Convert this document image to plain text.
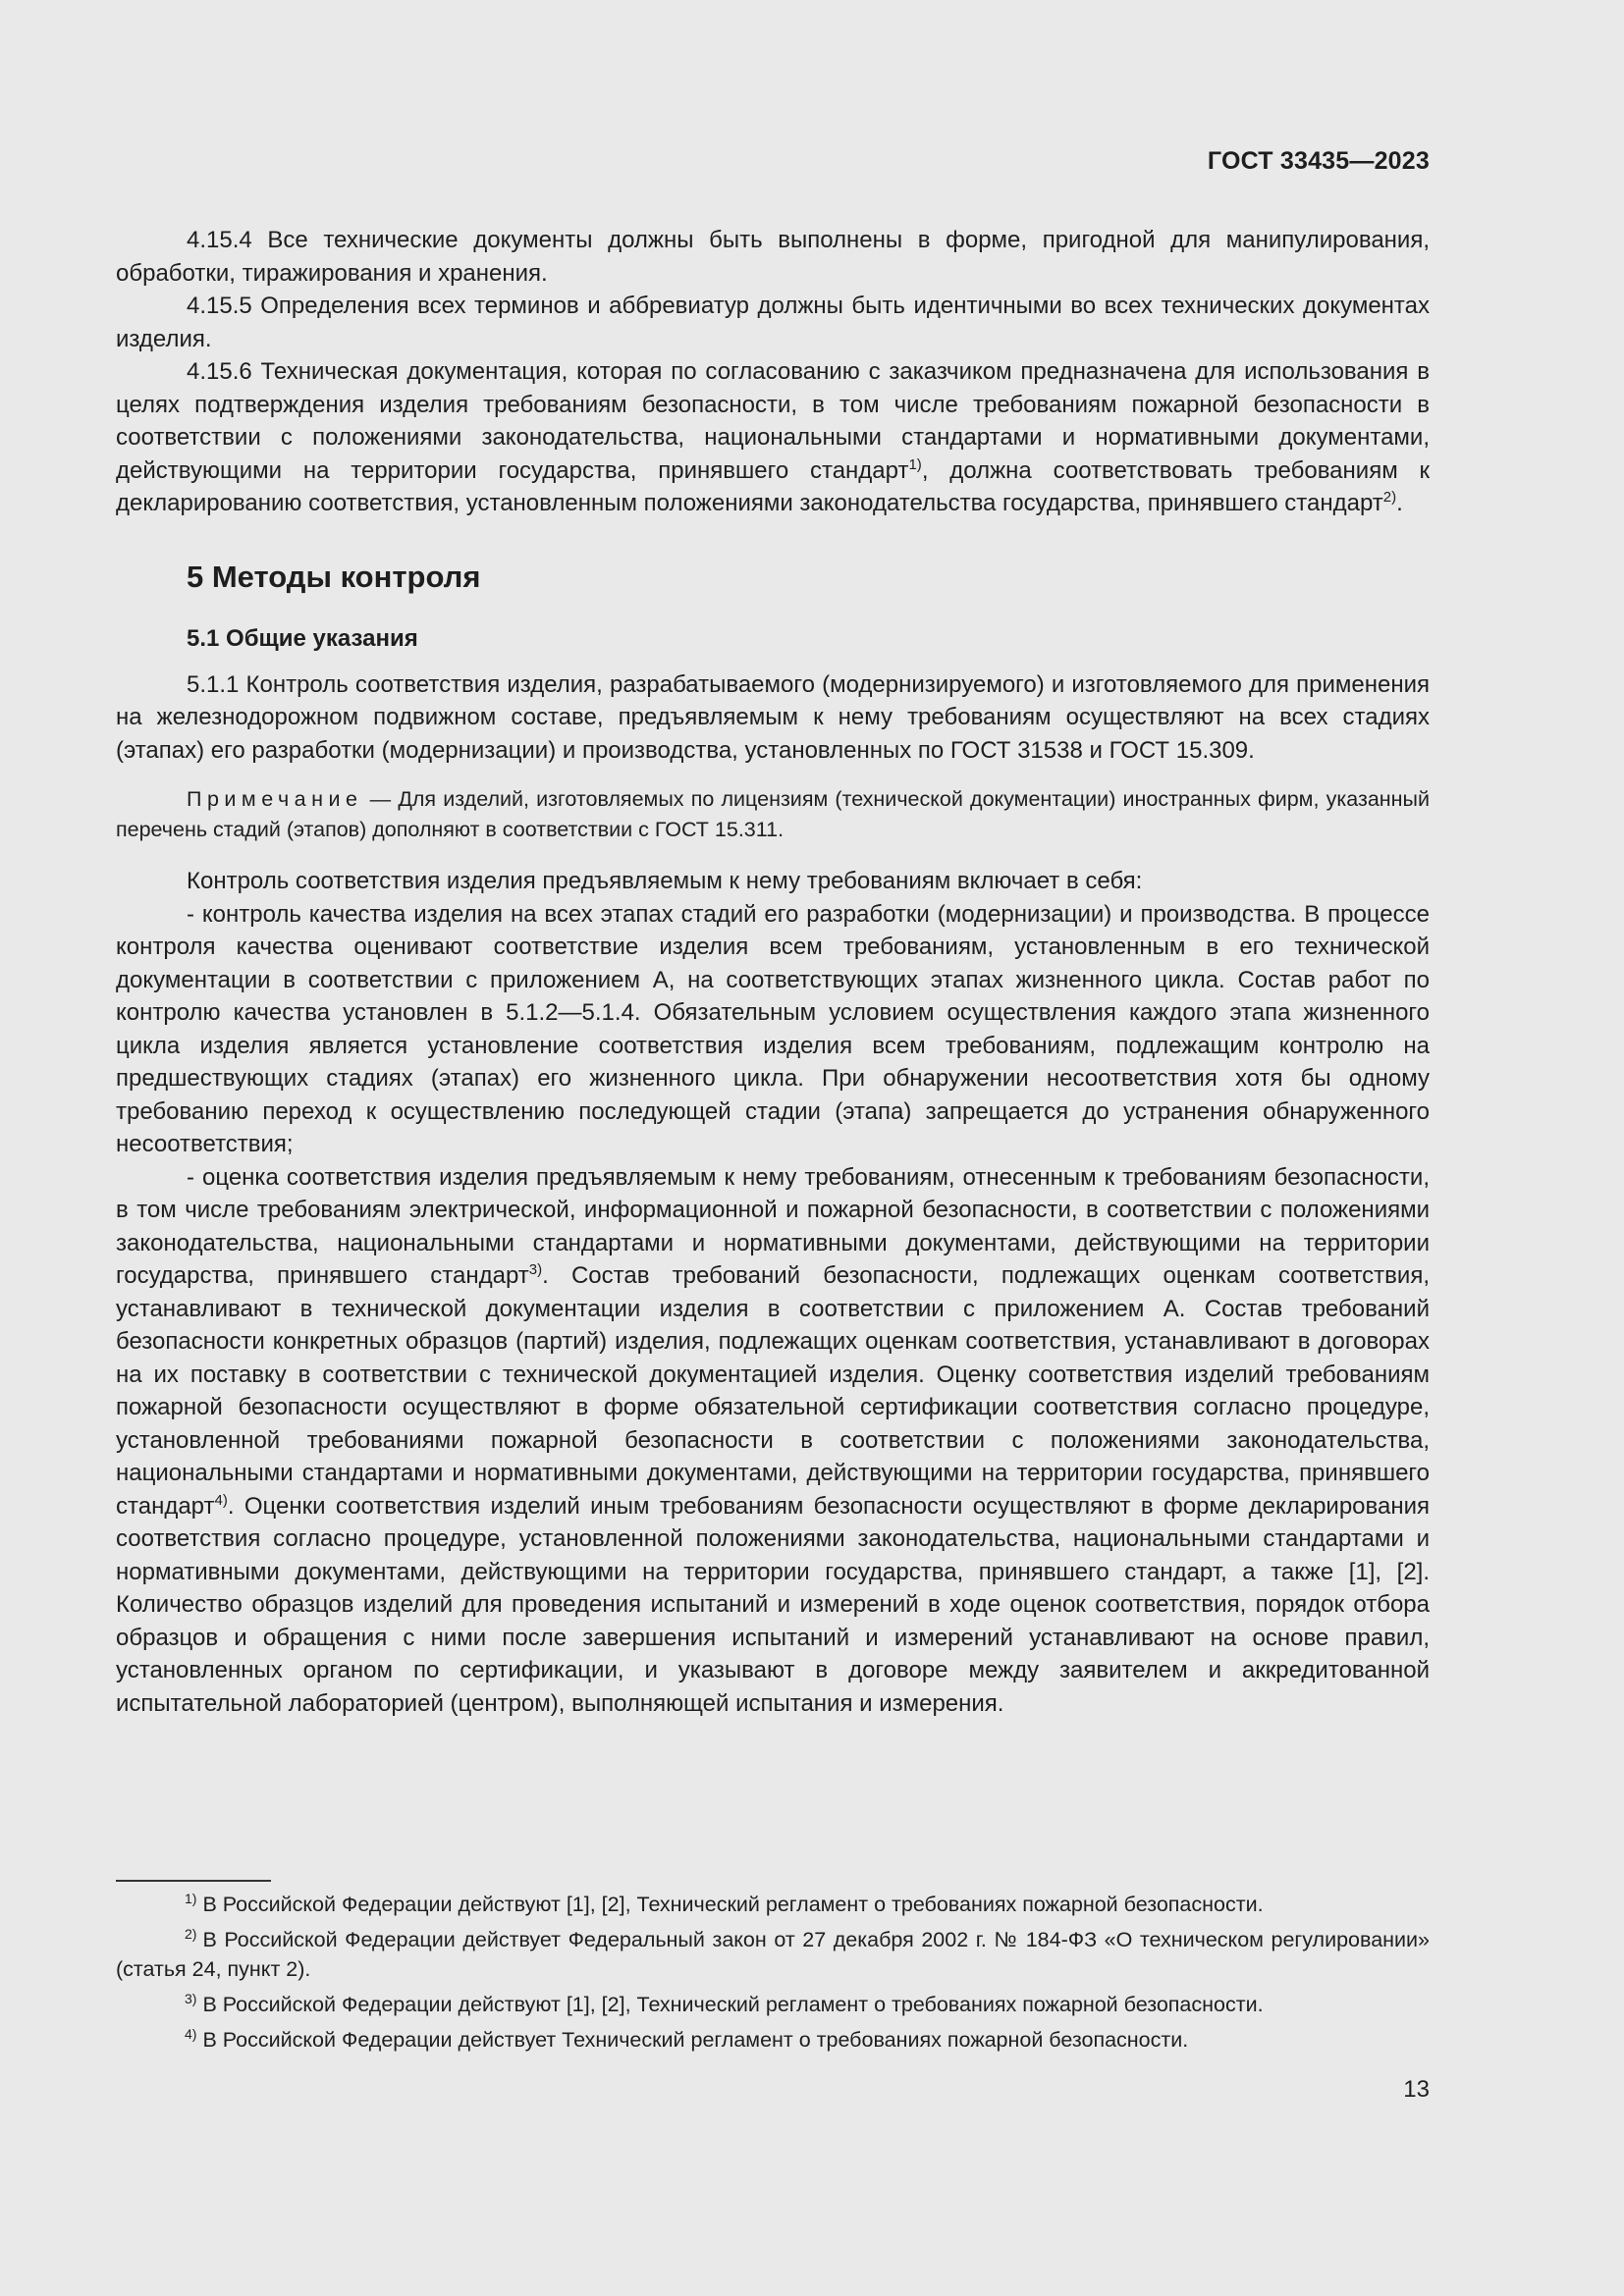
ГОСТ 33435—2023

4.15.4 Все технические документы должны быть выполнены в форме, пригодной для манипулирования, обработки, тиражирования и хранения.

4.15.5 Определения всех терминов и аббревиатур должны быть идентичными во всех технических документах изделия.

4.15.6 Техническая документация, которая по согласованию с заказчиком предназначена для использования в целях подтверждения изделия требованиям безопасности, в том числе требованиям пожарной безопасности в соответствии с положениями законодательства, национальными стандартами и нормативными документами, действующими на территории государства, принявшего стандарт$^{1)}$, должна соответствовать требованиям к декларированию соответствия, установленным положениями законодательства государства, принявшего стандарт$^{2)}$.

5 Методы контроля
5.1 Общие указания

5.1.1 Контроль соответствия изделия, разрабатываемого (модернизируемого) и изготовляемого для применения на железнодорожном подвижном составе, предъявляемым к нему требованиям осуществляют на всех стадиях (этапах) его разработки (модернизации) и производства, установленных по ГОСТ 31538 и ГОСТ 15.309.

Примечание — Для изделий, изготовляемых по лицензиям (технической документации) иностранных фирм, указанный перечень стадий (этапов) дополняют в соответствии с ГОСТ 15.311.

Контроль соответствия изделия предъявляемым к нему требованиям включает в себя:

- контроль качества изделия на всех этапах стадий его разработки (модернизации) и производства. В процессе контроля качества оценивают соответствие изделия всем требованиям, установленным в его технической документации в соответствии с приложением А, на соответствующих этапах жизненного цикла. Состав работ по контролю качества установлен в 5.1.2—5.1.4. Обязательным условием осуществления каждого этапа жизненного цикла изделия является установление соответствия изделия всем требованиям, подлежащим контролю на предшествующих стадиях (этапах) его жизненного цикла. При обнаружении несоответствия хотя бы одному требованию переход к осуществлению последующей стадии (этапа) запрещается до устранения обнаруженного несоответствия;

- оценка соответствия изделия предъявляемым к нему требованиям, отнесенным к требованиям безопасности, в том числе требованиям электрической, информационной и пожарной безопасности, в соответствии с положениями законодательства, национальными стандартами и нормативными документами, действующими на территории государства, принявшего стандарт$^{3)}$. Состав требований безопасности, подлежащих оценкам соответствия, устанавливают в технической документации изделия в соответствии с приложением А. Состав требований безопасности конкретных образцов (партий) изделия, подлежащих оценкам соответствия, устанавливают в договорах на их поставку в соответствии с технической документацией изделия. Оценку соответствия изделий требованиям пожарной безопасности осуществляют в форме обязательной сертификации соответствия согласно процедуре, установленной требованиями пожарной безопасности в соответствии с положениями законодательства, национальными стандартами и нормативными документами, действующими на территории государства, принявшего стандарт$^{4)}$. Оценки соответствия изделий иным требованиям безопасности осуществляют в форме декларирования соответствия согласно процедуре, установленной положениями законодательства, национальными стандартами и нормативными документами, действующими на территории государства, принявшего стандарт, а также [1], [2]. Количество образцов изделий для проведения испытаний и измерений в ходе оценок соответствия, порядок отбора образцов и обращения с ними после завершения испытаний и измерений устанавливают на основе правил, установленных органом по сертификации, и указывают в договоре между заявителем и аккредитованной испытательной лабораторией (центром), выполняющей испытания и измерения.

$^{1)}$ В Российской Федерации действуют [1], [2], Технический регламент о требованиях пожарной безопасности.

$^{2)}$ В Российской Федерации действует Федеральный закон от 27 декабря 2002 г. № 184-ФЗ «О техническом регулировании» (статья 24, пункт 2).

$^{3)}$ В Российской Федерации действуют [1], [2], Технический регламент о требованиях пожарной безопасности.

$^{4)}$ В Российской Федерации действует Технический регламент о требованиях пожарной безопасности.

13
